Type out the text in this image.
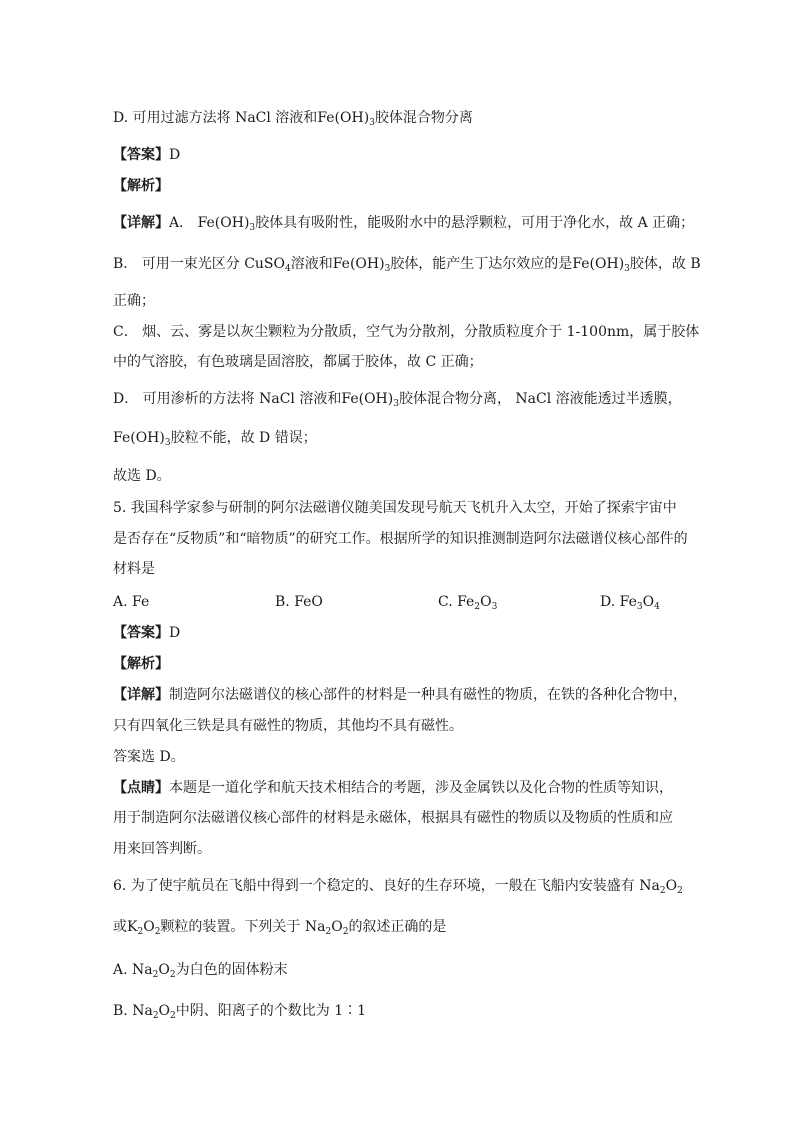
D. 可用过滤方法将 NaCl 溶液和$Fe(OH)_3$胶体混合物分离
【答案】D
【解析】
【详解】A． $Fe(OH)_3$胶体具有吸附性，能吸附水中的悬浮颗粒，可用于净化水，故 A 正确；
B． 可用一束光区分 CuSO$_4$溶液和$Fe(OH)_3$胶体，能产生丁达尔效应的是$Fe(OH)_3$胶体，故 B
正确；
C． 烟、云、雾是以灰尘颗粒为分散质，空气为分散剂，分散质粒度介于 1-100nm，属于胶体
中的气溶胶，有色玻璃是固溶胶，都属于胶体，故 C 正确；
D． 可用渗析的方法将 NaCl 溶液和$Fe(OH)_3$胶体混合物分离， NaCl 溶液能透过半透膜，
$Fe(OH)_3$胶粒不能，故 D 错误；
故选 D。
5. 我国科学家参与研制的阿尔法磁谱仪随美国发现号航天飞机升入太空，开始了探索宇宙中
是否存在“反物质”和“暗物质”的研究工作。根据所学的知识推测制造阿尔法磁谱仪核心部件的
材料是
A. Fe	B. FeO	C. $Fe_2O_3$	D. $Fe_3O_4$
【答案】D
【解析】
【详解】制造阿尔法磁谱仪的核心部件的材料是一种具有磁性的物质，在铁的各种化合物中，
只有四氧化三铁是具有磁性的物质，其他均不具有磁性。
答案选 D。
【点睛】本题是一道化学和航天技术相结合的考题，涉及金属铁以及化合物的性质等知识，
用于制造阿尔法磁谱仪核心部件的材料是永磁体，根据具有磁性的物质以及物质的性质和应
用来回答判断。
6. 为了使宇航员在飞船中得到一个稳定的、良好的生存环境，一般在飞船内安装盛有 $Na_2O_2$
或$K_2O_2$颗粒的装置。下列关于 $Na_2O_2$的叙述正确的是
A. $Na_2O_2$为白色的固体粉末
B. $Na_2O_2$中阴、阳离子的个数比为 1∶1
